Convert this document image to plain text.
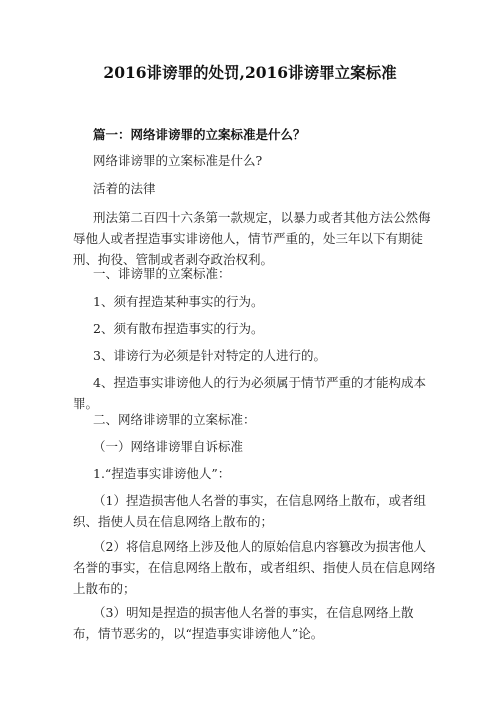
2016诽谤罪的处罚,2016诽谤罪立案标准
篇一：网络诽谤罪的立案标准是什么？

网络诽谤罪的立案标准是什么?

活着的法律

刑法第二百四十六条第一款规定，以暴力或者其他方法公然侮辱他人或者捏造事实诽谤他人，情节严重的，处三年以下有期徒刑、拘役、管制或者剥夺政治权利。

一、诽谤罪的立案标准：

1、须有捏造某种事实的行为。

2、须有散布捏造事实的行为。

3、诽谤行为必须是针对特定的人进行的。

4、捏造事实诽谤他人的行为必须属于情节严重的才能构成本罪。

二、网络诽谤罪的立案标准：

（一）网络诽谤罪自诉标准

1.“捏造事实诽谤他人”：

（1）捏造损害他人名誉的事实，在信息网络上散布，或者组织、指使人员在信息网络上散布的；

（2）将信息网络上涉及他人的原始信息内容篡改为损害他人名誉的事实，在信息网络上散布，或者组织、指使人员在信息网络上散布的；

（3）明知是捏造的损害他人名誉的事实，在信息网络上散布，情节恶劣的，以“捏造事实诽谤他人”论。
